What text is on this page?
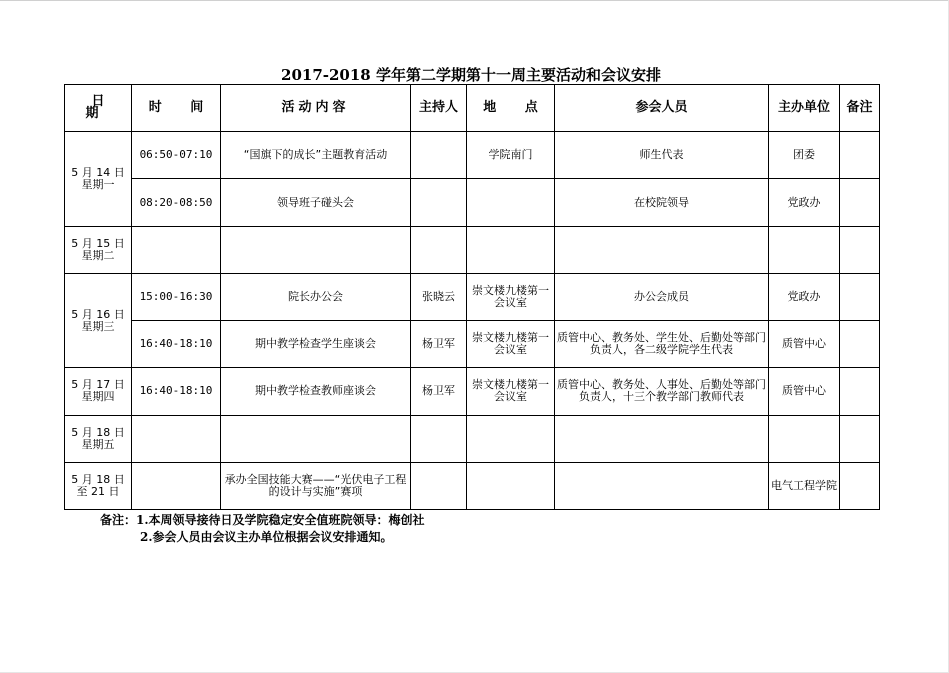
2017-2018 学年第二学期第十一周主要活动和会议安排
日 期	时 间	活动内容	主持人	地 点	参会人员	主办单位	备注

5 月 14 日
星期一	06:50-07:10	“国旗下的成长”主题教育活动		学院南门	师生代表	团委	
	08:20-08:50	领导班子碰头会			在校院领导	党政办	

5 月 15 日
星期二							

5 月 16 日
星期三	15:00-16:30	院长办公会	张晓云	崇文楼九楼第一会议室	办公会成员	党政办	
	16:40-18:10	期中教学检查学生座谈会	杨卫军	崇文楼九楼第一会议室	质管中心、教务处、学生处、后勤处等部门负责人，各二级学院学生代表	质管中心	

5 月 17 日
星期四	16:40-18:10	期中教学检查教师座谈会	杨卫军	崇文楼九楼第一会议室	质管中心、教务处、人事处、后勤处等部门负责人，十三个教学部门教师代表	质管中心	

5 月 18 日
星期五							

5 月 18 日
至 21 日		承办全国技能大赛——“光伏电子工程的设计与实施”赛项				电气工程学院	
备注：1.本周领导接待日及学院稳定安全值班院领导：梅创社
2.参会人员由会议主办单位根据会议安排通知。
